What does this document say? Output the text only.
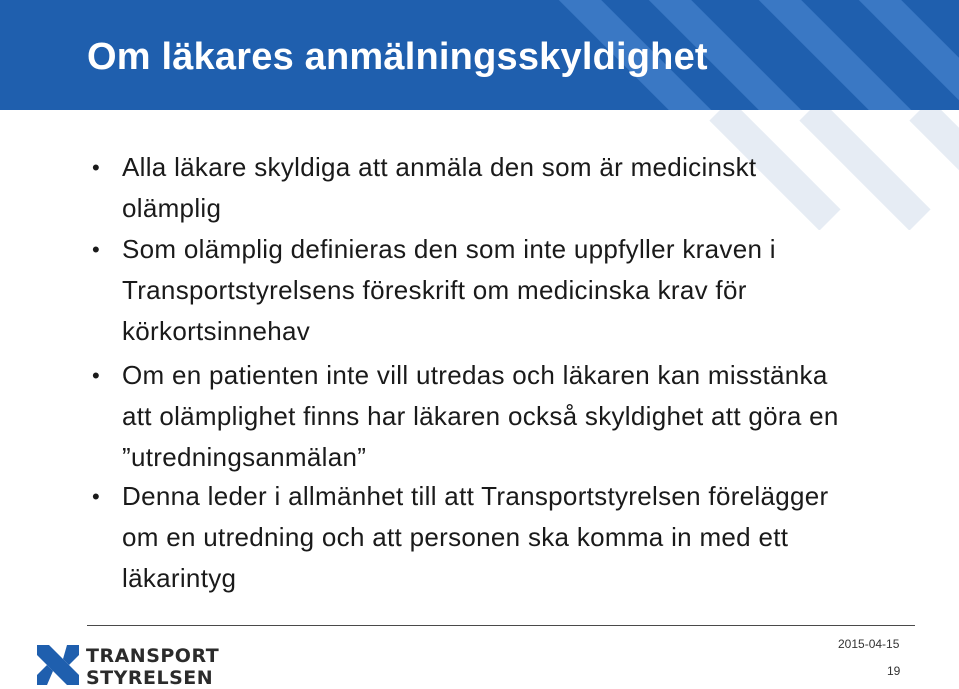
Om läkares anmälningsskyldighet
• Alla läkare skyldiga att anmäla den som är medicinskt olämplig
• Som olämplig definieras den som inte uppfyller kraven i Transportstyrelsens föreskrift om medicinska krav för körkortsinnehav
• Om en patienten inte vill utredas och läkaren kan misstänka att olämplighet finns har läkaren också skyldighet att göra en ”utredningsanmälan”
• Denna leder i allmänhet till att Transportstyrelsen förelägger om en utredning och att personen ska komma in med ett läkarintyg
TRANSPORT
STYRELSEN
2015-04-15
19
